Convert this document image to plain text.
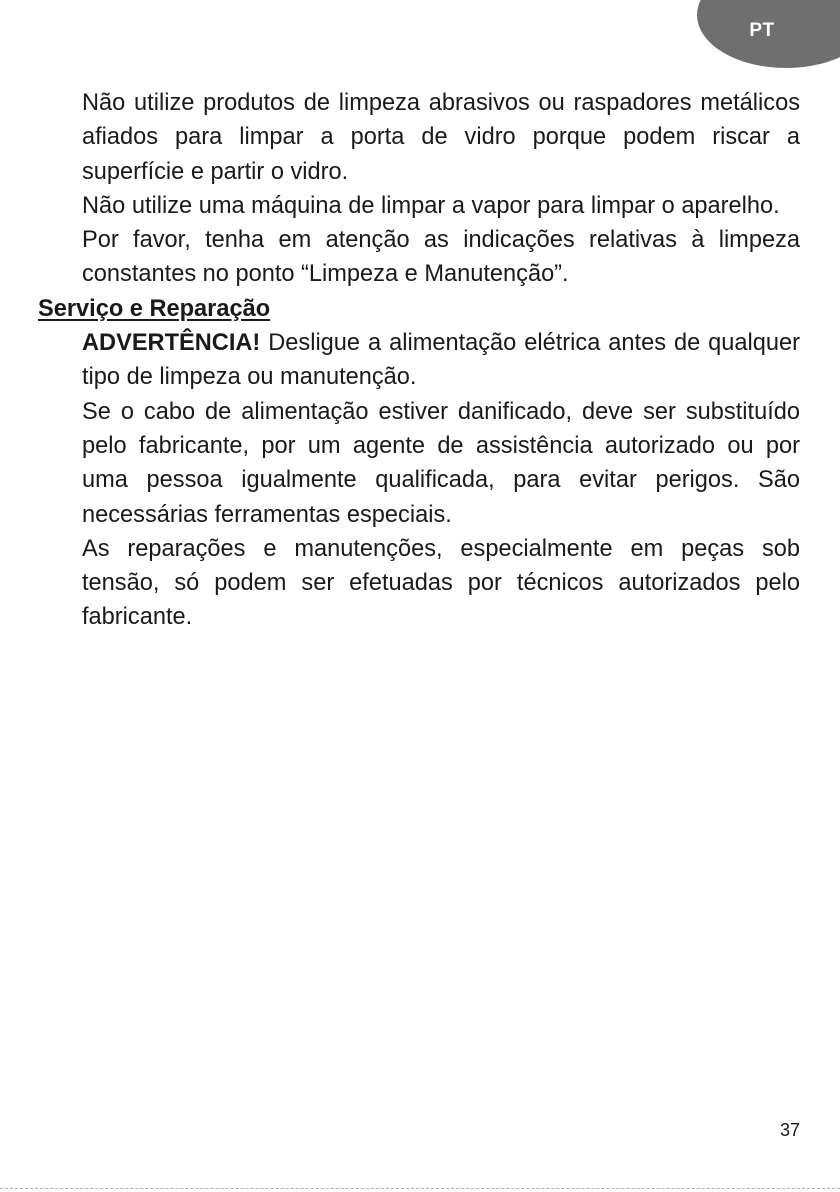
PT

Não utilize produtos de limpeza abrasivos ou raspadores metálicos afiados para limpar a porta de vidro porque podem riscar a superfície e partir o vidro.

Não utilize uma máquina de limpar a vapor para limpar o aparelho.

Por favor, tenha em atenção as indicações relativas à limpeza constantes no ponto “Limpeza e Manutenção”.

Serviço e Reparação

ADVERTÊNCIA! Desligue a alimentação elétrica antes de qualquer tipo de limpeza ou manutenção.

Se o cabo de alimentação estiver danificado, deve ser substituído pelo fabricante, por um agente de assistência autorizado ou por uma pessoa igualmente qualificada, para evitar perigos. São necessárias ferramentas especiais.

As reparações e manutenções, especialmente em peças sob tensão, só podem ser efetuadas por técnicos autorizados pelo fabricante.

37
